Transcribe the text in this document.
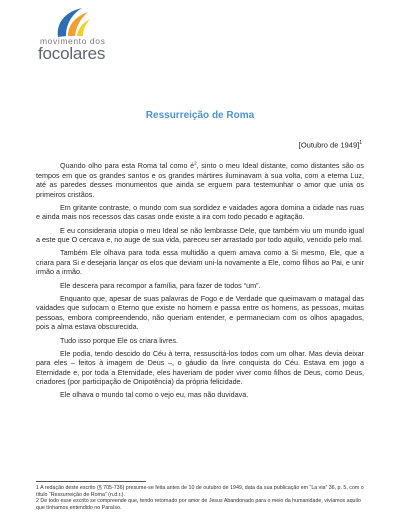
movimento dos
focolares
Ressurreição de Roma
[Outubro de 1949]$^1$

Quando olho para esta Roma tal como $é^2$, sinto o meu Ideal distante, como distantes são os tempos em que os grandes santos e os grandes mártires iluminavam à sua volta, com a eterna Luz, até as paredes desses monumentos que ainda se erguem para testemunhar o amor que unia os primeiros cristãos.

Em gritante contraste, o mundo com sua sordidez e vaidades agora domina a cidade nas ruas e ainda mais nos recessos das casas onde existe a ira com todo pecado e agitação.

E eu consideraria utopia o meu Ideal se não lembrasse Dele, que também viu um mundo igual a este que O cercava e, no auge de sua vida, pareceu ser arrastado por todo aquilo, vencido pelo mal.

Também Ele olhava para toda essa multidão a quem amava como a Si mesmo, Ele, que a criara para Si e desejaria lançar os elos que deviam uni-la novamente a Ele, como filhos ao Pai, e unir irmão a irmão.

Ele descera para recompor a família, para fazer de todos “um”.

Enquanto que, apesar de suas palavras de Fogo e de Verdade que queimavam o matagal das vaidades que sufocam o Eterno que existe no homem e passa entre os homens, as pessoas, muitas pessoas, embora compreendendo, não queriam entender, e permaneciam com os olhos apagados, pois a alma estava obscurecida.

Tudo isso porque Ele os criara livres.

Ele podia, tendo descido do Céu à terra, ressuscitá-los todos com um olhar. Mas devia deixar para eles – feitos à imagem de Deus –, o gáudio da livre conquista do Céu. Estava em jogo a Eternidade e, por toda a Eternidade, eles haveriam de poder viver como filhos de Deus, como Deus, criadores (por participação de Onipotência) da própria felicidade.

Ele olhava o mundo tal como o vejo eu, mas não duvidava.

1 A redação deste escrito (§ 705-736) presume-se feita antes de 10 de outubro de 1949, data da sua publicação em “La via” 36, p. 5, com o título “Ressurreição de Roma” (n.d.r.).
2 De todo esse escrito se compreende que, tendo retornado por amor de Jesus Abandonado para o meio da humanidade, vivíamos aquilo que tínhamos entendido no Paraíso.
